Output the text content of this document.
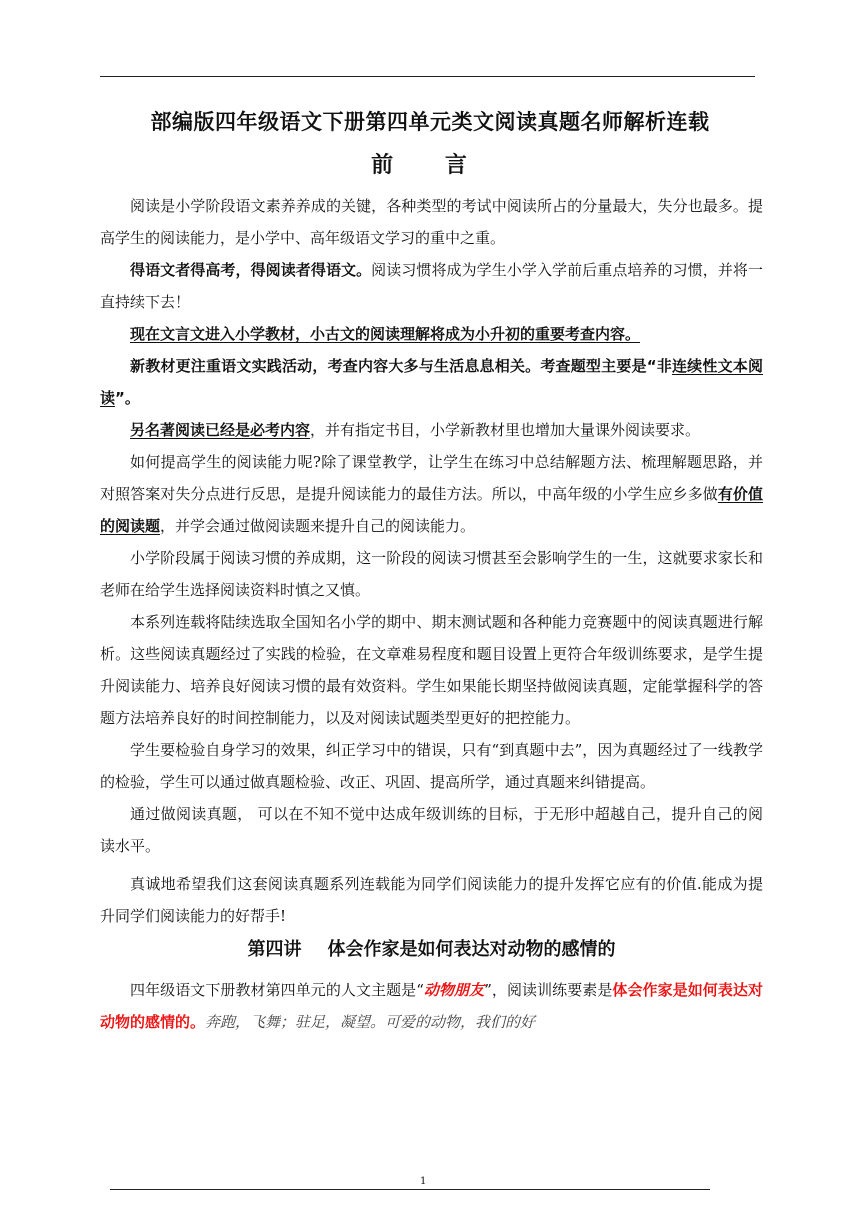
部编版四年级语文下册第四单元类文阅读真题名师解析连载
前 言

阅读是小学阶段语文素养养成的关键，各种类型的考试中阅读所占的分量最大，失分也最多。提高学生的阅读能力，是小学中、高年级语文学习的重中之重。

得语文者得高考，得阅读者得语文。阅读习惯将成为学生小学入学前后重点培养的习惯，并将一直持续下去！

现在文言文进入小学教材，小古文的阅读理解将成为小升初的重要考查内容。

新教材更注重语文实践活动，考查内容大多与生活息息相关。考查题型主要是“非连续性文本阅读”。

另名著阅读已经是必考内容，并有指定书目，小学新教材里也增加大量课外阅读要求。

如何提高学生的阅读能力呢?除了课堂教学，让学生在练习中总结解题方法、梳理解题思路，并对照答案对失分点进行反思，是提升阅读能力的最佳方法。所以，中高年级的小学生应乡多做有价值的阅读题，并学会通过做阅读题来提升自己的阅读能力。

小学阶段属于阅读习惯的养成期，这一阶段的阅读习惯甚至会影响学生的一生，这就要求家长和老师在给学生选择阅读资料时慎之又慎。

本系列连载将陆续选取全国知名小学的期中、期末测试题和各种能力竞赛题中的阅读真题进行解析。这些阅读真题经过了实践的检验，在文章难易程度和题目设置上更符合年级训练要求，是学生提升阅读能力、培养良好阅读习惯的最有效资料。学生如果能长期坚持做阅读真题，定能掌握科学的答题方法培养良好的时间控制能力，以及对阅读试题类型更好的把控能力。

学生要检验自身学习的效果，纠正学习中的错误，只有“到真题中去”，因为真题经过了一线教学的检验，学生可以通过做真题检验、改正、巩固、提高所学，通过真题来纠错提高。

通过做阅读真题， 可以在不知不觉中达成年级训练的目标，于无形中超越自己，提升自己的阅读水平。

真诚地希望我们这套阅读真题系列连载能为同学们阅读能力的提升发挥它应有的价值.能成为提升同学们阅读能力的好帮手!

第四讲 体会作家是如何表达对动物的感情的

四年级语文下册教材第四单元的人文主题是“动物朋友”，阅读训练要素是体会作家是如何表达对动物的感情的。奔跑，飞舞；驻足，凝望。可爱的动物，我们的好

1
